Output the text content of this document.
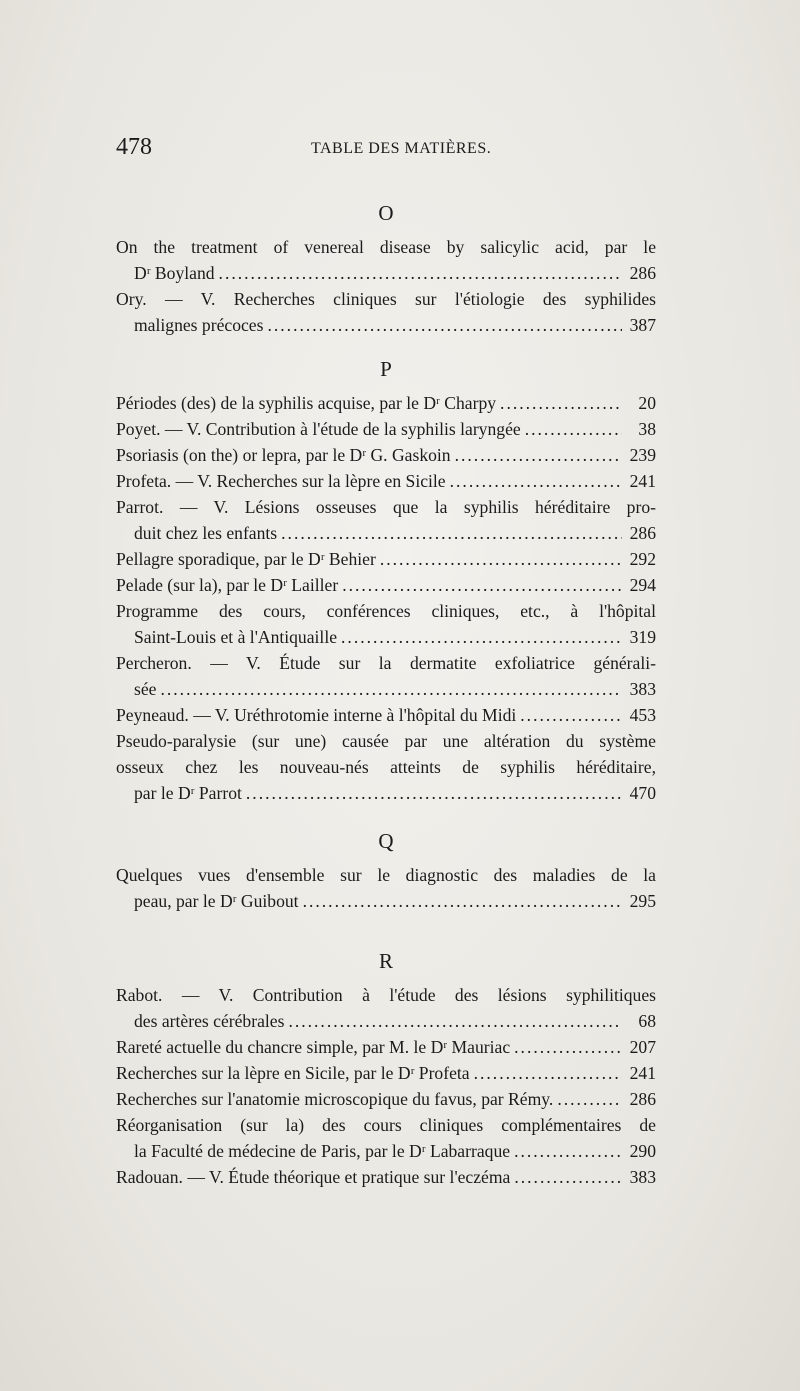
478	TABLE DES MATIÈRES.
O
On the treatment of venereal disease by salicylic acid, par le
Dʳ Boyland .....	286
Ory. — V. Recherches cliniques sur l'étiologie des syphilides
malignes précoces .....	387
P
Périodes (des) de la syphilis acquise, par le Dʳ Charpy .....	20
Poyet. — V. Contribution à l'étude de la syphilis laryngée .....	38
Psoriasis (on the) or lepra, par le Dʳ G. Gaskoin .....	239
Profeta. — V. Recherches sur la lèpre en Sicile .....	241
Parrot. — V. Lésions osseuses que la syphilis héréditaire pro-
duit chez les enfants .....	286
Pellagre sporadique, par le Dʳ Behier .....	292
Pelade (sur la), par le Dʳ Lailler .....	294
Programme des cours, conférences cliniques, etc., à l'hôpital
Saint-Louis et à l'Antiquaille .....	319
Percheron. — V. Étude sur la dermatite exfoliatrice générali-
sée .....	383
Peyneaud. — V. Uréthrotomie interne à l'hôpital du Midi .....	453
Pseudo-paralysie (sur une) causée par une altération du système
osseux chez les nouveau-nés atteints de syphilis héréditaire,
par le Dʳ Parrot .....	470
Q
Quelques vues d'ensemble sur le diagnostic des maladies de la
peau, par le Dʳ Guibout .....	295
R
Rabot. — V. Contribution à l'étude des lésions syphilitiques
des artères cérébrales .....	68
Rareté actuelle du chancre simple, par M. le Dʳ Mauriac .....	207
Recherches sur la lèpre en Sicile, par le Dʳ Profeta .....	241
Recherches sur l'anatomie microscopique du favus, par Rémy. .....	286
Réorganisation (sur la) des cours cliniques complémentaires de
la Faculté de médecine de Paris, par le Dʳ Labarraque .....	290
Radouan. — V. Étude théorique et pratique sur l'eczéma .....	383
